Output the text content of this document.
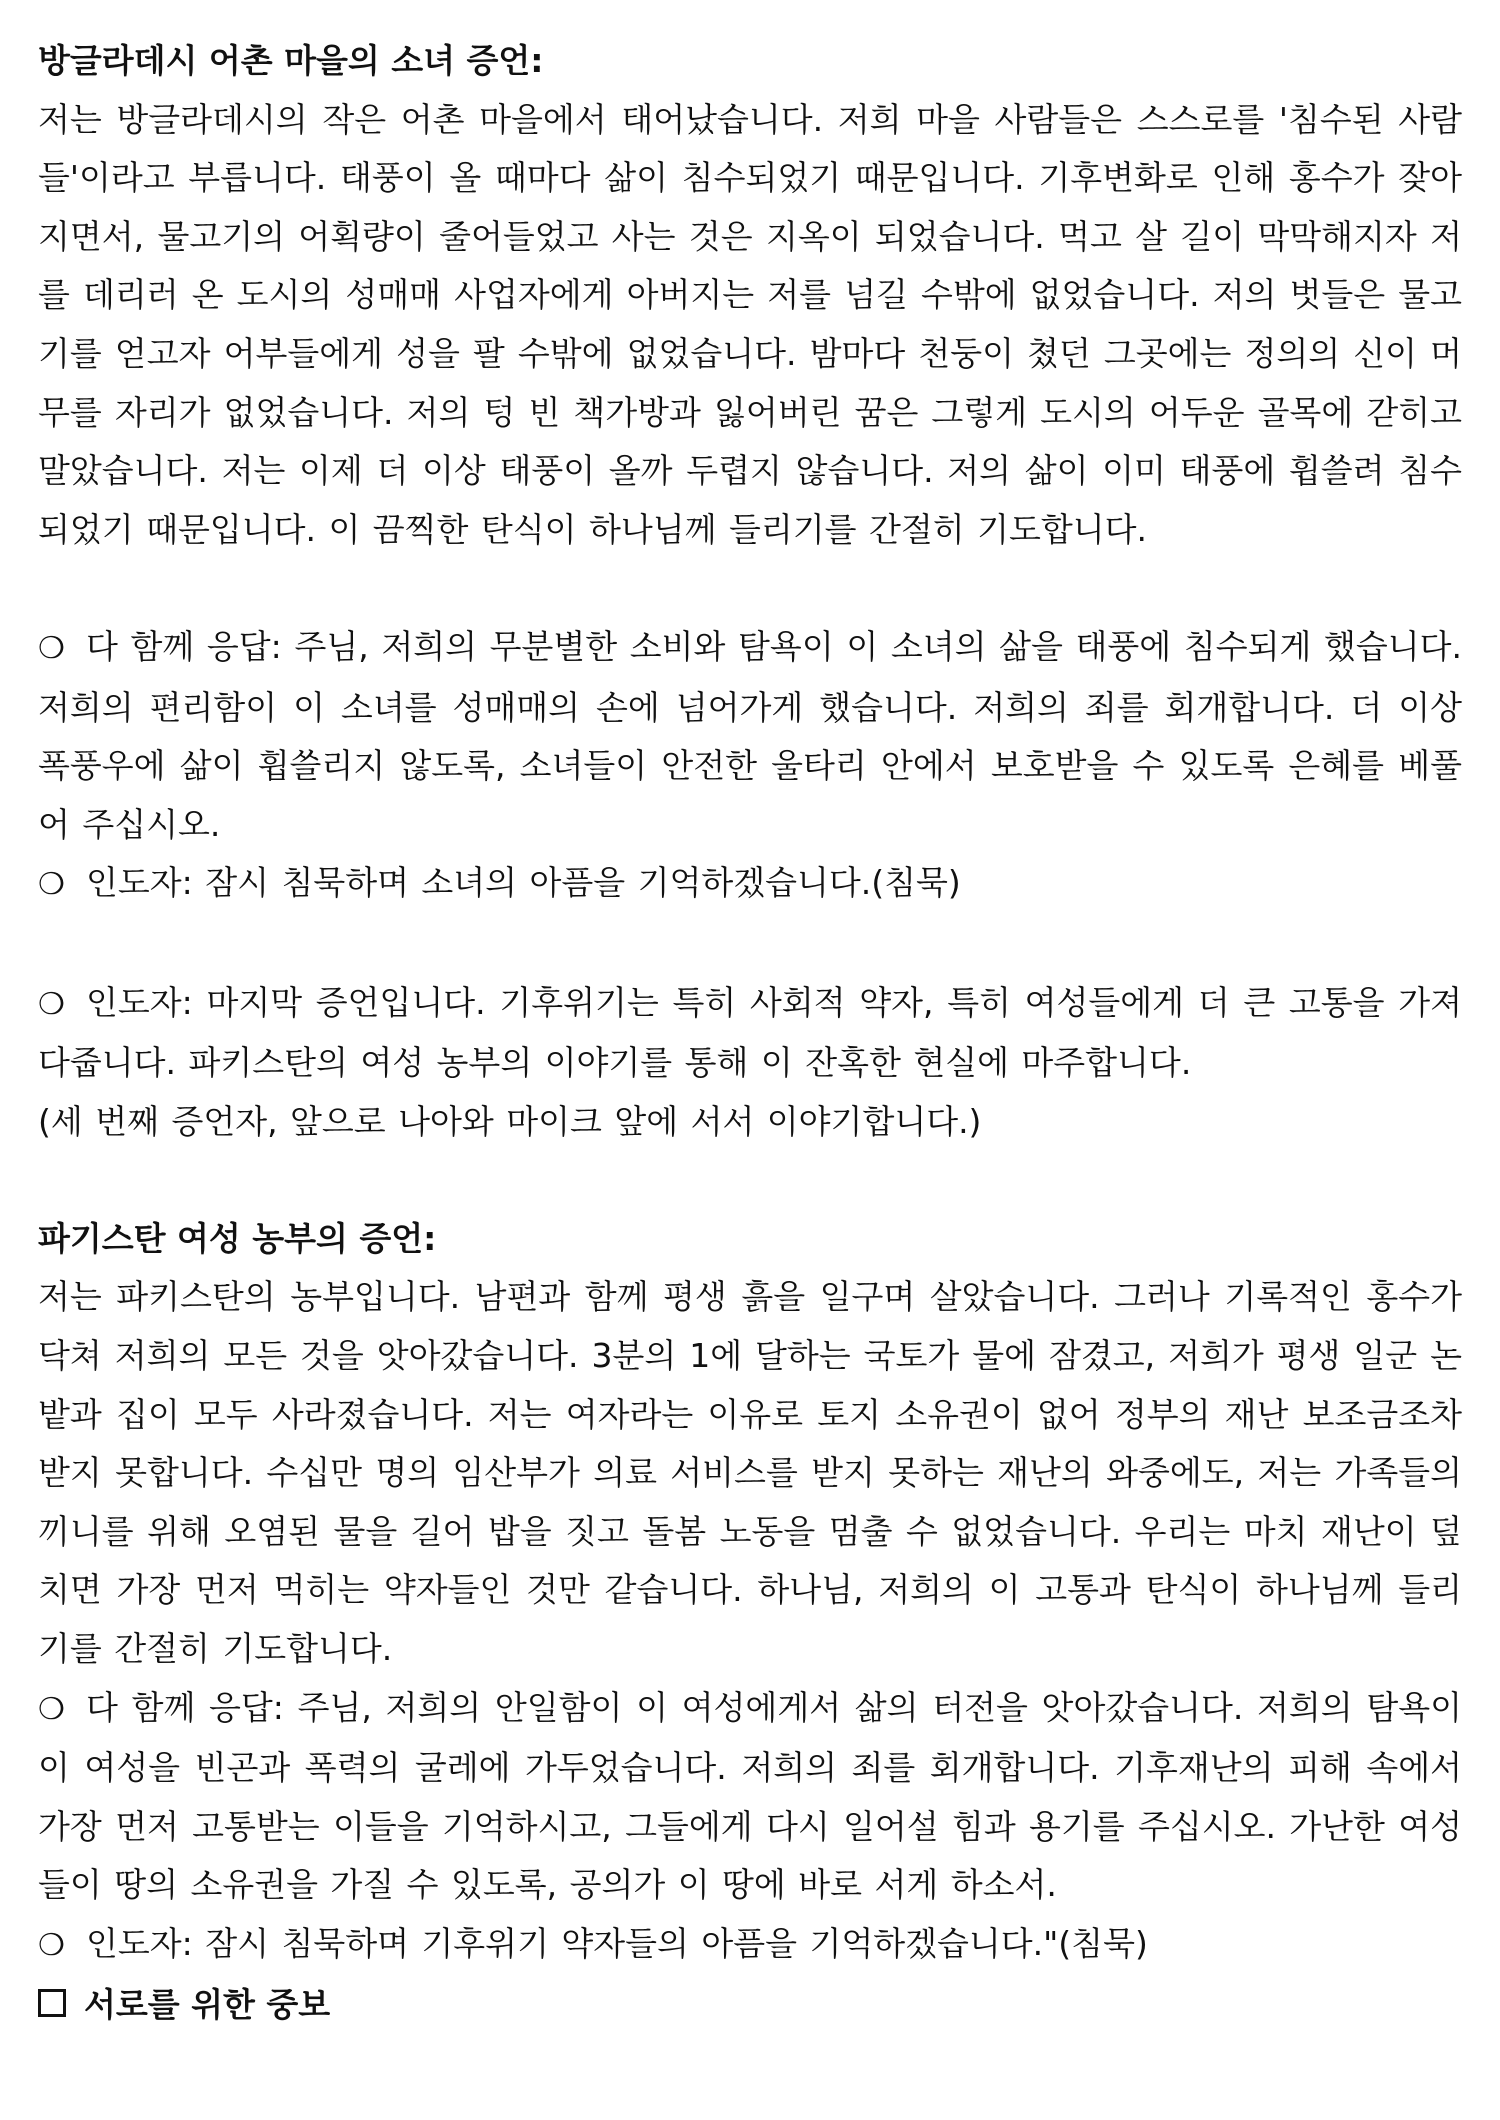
방글라데시 어촌 마을의 소녀 증언:

저는 방글라데시의 작은 어촌 마을에서 태어났습니다. 저희 마을 사람들은 스스로를 '침수된 사람들'이라고 부릅니다. 태풍이 올 때마다 삶이 침수되었기 때문입니다. 기후변화로 인해 홍수가 잦아지면서, 물고기의 어획량이 줄어들었고 사는 것은 지옥이 되었습니다. 먹고 살 길이 막막해지자 저를 데리러 온 도시의 성매매 사업자에게 아버지는 저를 넘길 수밖에 없었습니다. 저의 벗들은 물고기를 얻고자 어부들에게 성을 팔 수밖에 없었습니다. 밤마다 천둥이 쳤던 그곳에는 정의의 신이 머무를 자리가 없었습니다. 저의 텅 빈 책가방과 잃어버린 꿈은 그렇게 도시의 어두운 골목에 갇히고 말았습니다. 저는 이제 더 이상 태풍이 올까 두렵지 않습니다. 저의 삶이 이미 태풍에 휩쓸려 침수되었기 때문입니다. 이 끔찍한 탄식이 하나님께 들리기를 간절히 기도합니다.

❍ 다 함께 응답: 주님, 저희의 무분별한 소비와 탐욕이 이 소녀의 삶을 태풍에 침수되게 했습니다. 저희의 편리함이 이 소녀를 성매매의 손에 넘어가게 했습니다. 저희의 죄를 회개합니다. 더 이상 폭풍우에 삶이 휩쓸리지 않도록, 소녀들이 안전한 울타리 안에서 보호받을 수 있도록 은혜를 베풀어 주십시오.

❍ 인도자: 잠시 침묵하며 소녀의 아픔을 기억하겠습니다.(침묵)

❍ 인도자: 마지막 증언입니다. 기후위기는 특히 사회적 약자, 특히 여성들에게 더 큰 고통을 가져다줍니다. 파키스탄의 여성 농부의 이야기를 통해 이 잔혹한 현실에 마주합니다.

(세 번째 증언자, 앞으로 나아와 마이크 앞에 서서 이야기합니다.)

파기스탄 여성 농부의 증언:

저는 파키스탄의 농부입니다. 남편과 함께 평생 흙을 일구며 살았습니다. 그러나 기록적인 홍수가 닥쳐 저희의 모든 것을 앗아갔습니다. 3분의 1에 달하는 국토가 물에 잠겼고, 저희가 평생 일군 논밭과 집이 모두 사라졌습니다. 저는 여자라는 이유로 토지 소유권이 없어 정부의 재난 보조금조차 받지 못합니다. 수십만 명의 임산부가 의료 서비스를 받지 못하는 재난의 와중에도, 저는 가족들의 끼니를 위해 오염된 물을 길어 밥을 짓고 돌봄 노동을 멈출 수 없었습니다. 우리는 마치 재난이 덮치면 가장 먼저 먹히는 약자들인 것만 같습니다. 하나님, 저희의 이 고통과 탄식이 하나님께 들리기를 간절히 기도합니다.

❍ 다 함께 응답: 주님, 저희의 안일함이 이 여성에게서 삶의 터전을 앗아갔습니다. 저희의 탐욕이 이 여성을 빈곤과 폭력의 굴레에 가두었습니다. 저희의 죄를 회개합니다. 기후재난의 피해 속에서 가장 먼저 고통받는 이들을 기억하시고, 그들에게 다시 일어설 힘과 용기를 주십시오. 가난한 여성들이 땅의 소유권을 가질 수 있도록, 공의가 이 땅에 바로 서게 하소서.

❍ 인도자: 잠시 침묵하며 기후위기 약자들의 아픔을 기억하겠습니다."(침묵)

서로를 위한 중보
